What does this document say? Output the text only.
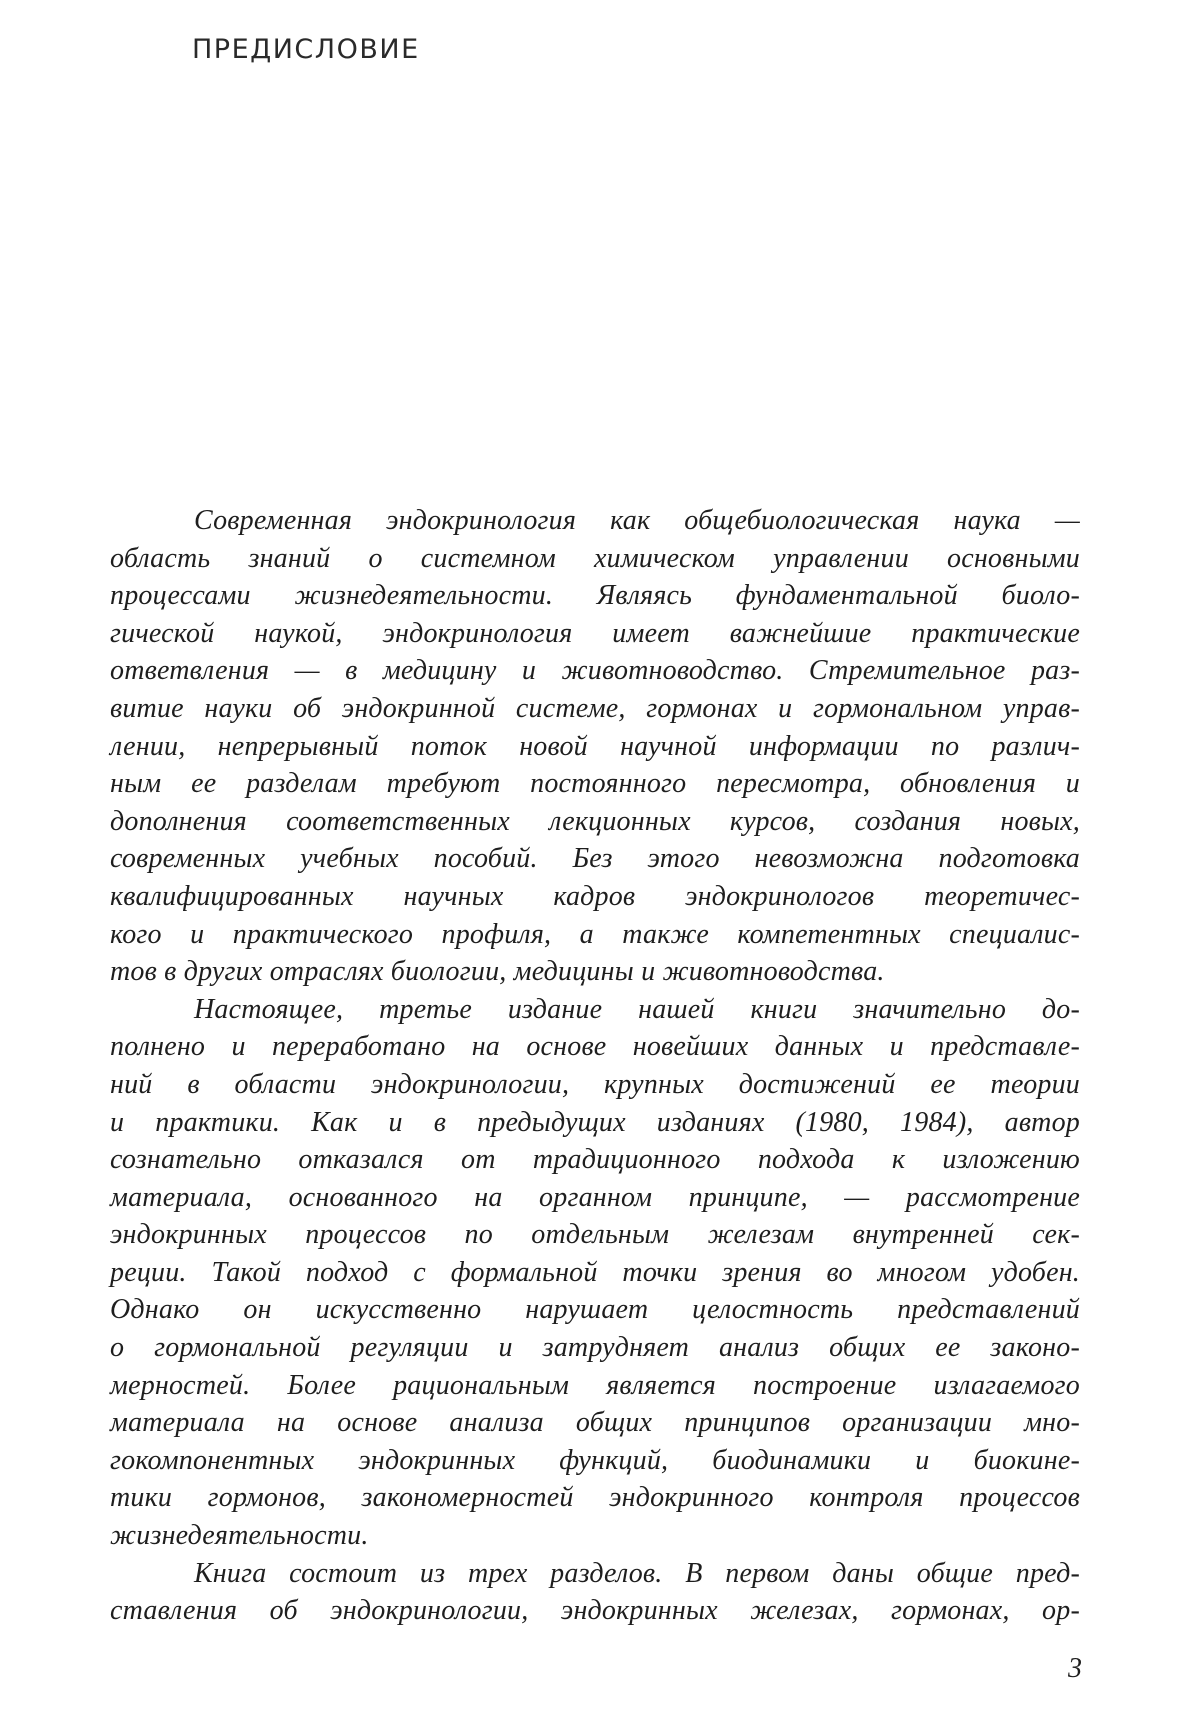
ПРЕДИСЛОВИЕ
Современная эндокринология как общебиологическая наука —
область знаний о системном химическом управлении основными
процессами жизнедеятельности. Являясь фундаментальной биоло-
гической наукой, эндокринология имеет важнейшие практические
ответвления — в медицину и животноводство. Стремительное раз-
витие науки об эндокринной системе, гормонах и гормональном управ-
лении, непрерывный поток новой научной информации по различ-
ным ее разделам требуют постоянного пересмотра, обновления и
дополнения соответственных лекционных курсов, создания новых,
современных учебных пособий. Без этого невозможна подготовка
квалифицированных научных кадров эндокринологов теоретичес-
кого и практического профиля, а также компетентных специалис-
тов в других отраслях биологии, медицины и животноводства.
Настоящее, третье издание нашей книги значительно до-
полнено и переработано на основе новейших данных и представле-
ний в области эндокринологии, крупных достижений ее теории
и практики. Как и в предыдущих изданиях (1980, 1984), автор
сознательно отказался от традиционного подхода к изложению
материала, основанного на органном принципе, — рассмотрение
эндокринных процессов по отдельным железам внутренней сек-
реции. Такой подход с формальной точки зрения во многом удобен.
Однако он искусственно нарушает целостность представлений
о гормональной регуляции и затрудняет анализ общих ее законо-
мерностей. Более рациональным является построение излагаемого
материала на основе анализа общих принципов организации мно-
гокомпонентных эндокринных функций, биодинамики и биокине-
тики гормонов, закономерностей эндокринного контроля процессов
жизнедеятельности.
Книга состоит из трех разделов. В первом даны общие пред-
ставления об эндокринологии, эндокринных железах, гормонах, ор-
3
